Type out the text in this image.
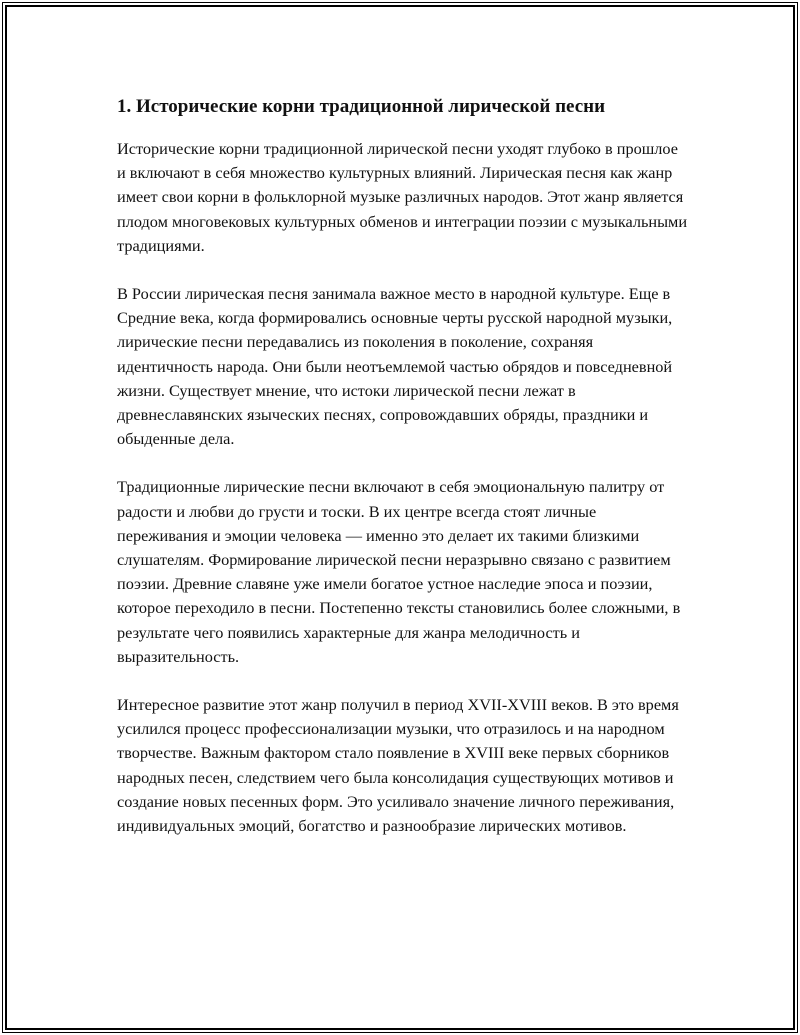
1. Исторические корни традиционной лирической песни

Исторические корни традиционной лирической песни уходят глубоко в прошлое и включают в себя множество культурных влияний. Лирическая песня как жанр имеет свои корни в фольклорной музыке различных народов. Этот жанр является плодом многовековых культурных обменов и интеграции поэзии с музыкальными традициями.

В России лирическая песня занимала важное место в народной культуре. Еще в Средние века, когда формировались основные черты русской народной музыки, лирические песни передавались из поколения в поколение, сохраняя идентичность народа. Они были неотъемлемой частью обрядов и повседневной жизни. Существует мнение, что истоки лирической песни лежат в древнеславянских языческих песнях, сопровождавших обряды, праздники и обыденные дела.

Традиционные лирические песни включают в себя эмоциональную палитру от радости и любви до грусти и тоски. В их центре всегда стоят личные переживания и эмоции человека — именно это делает их такими близкими слушателям. Формирование лирической песни неразрывно связано с развитием поэзии. Древние славяне уже имели богатое устное наследие эпоса и поэзии, которое переходило в песни. Постепенно тексты становились более сложными, в результате чего появились характерные для жанра мелодичность и выразительность.

Интересное развитие этот жанр получил в период XVII-XVIII веков. В это время усилился процесс профессионализации музыки, что отразилось и на народном творчестве. Важным фактором стало появление в XVIII веке первых сборников народных песен, следствием чего была консолидация существующих мотивов и создание новых песенных форм. Это усиливало значение личного переживания, индивидуальных эмоций, богатство и разнообразие лирических мотивов.
